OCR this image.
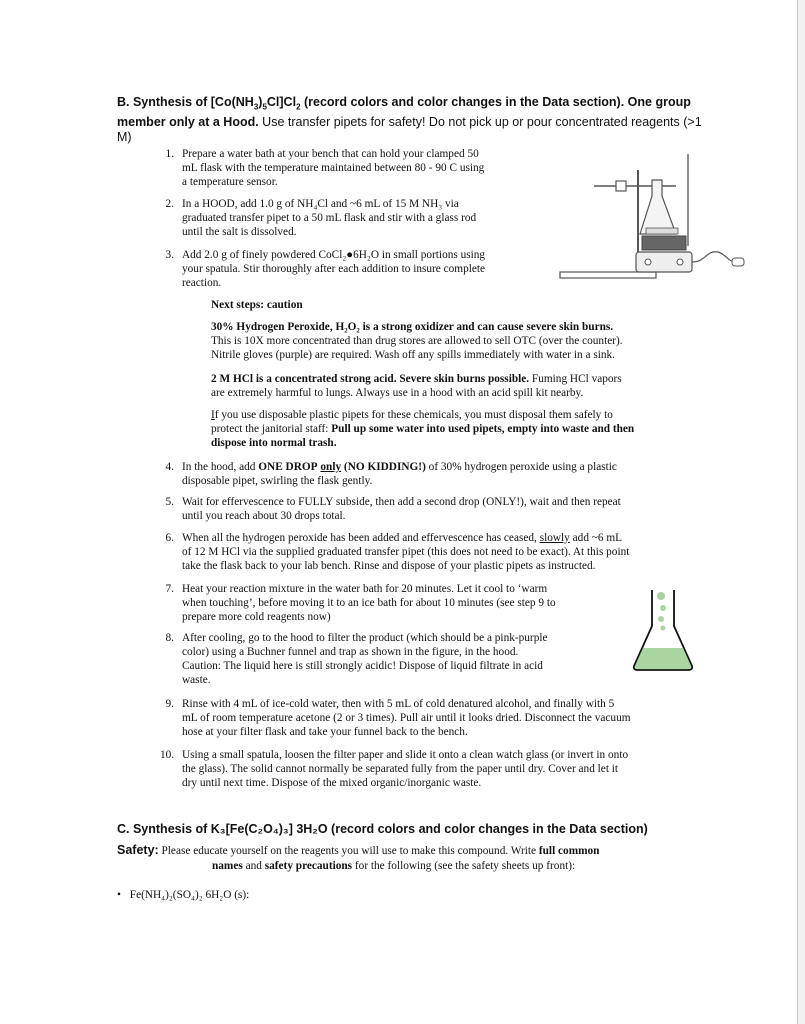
B. Synthesis of $[Co(NH_3)_5Cl]Cl_2$ (record colors and color changes in the Data section). One group member only at a Hood. Use transfer pipets for safety! Do not pick up or pour concentrated reagents (>1 M)
1. Prepare a water bath at your bench that can hold your clamped 50
mL flask with the temperature maintained between 80 - 90 C using
a temperature sensor.
2. In a HOOD, add 1.0 g of NH₄Cl and ~6 mL of 15 M NH₃ via
graduated transfer pipet to a 50 mL flask and stir with a glass rod
until the salt is dissolved.
3. Add 2.0 g of finely powdered CoCl₂●6H₂O in small portions using
your spatula. Stir thoroughly after each addition to insure complete
reaction.
Next steps: caution
30% Hydrogen Peroxide, H₂O₂ is a strong oxidizer and can cause severe skin burns.
This is 10X more concentrated than drug stores are allowed to sell OTC (over the counter).
Nitrile gloves (purple) are required. Wash off any spills immediately with water in a sink.
2 M HCl is a concentrated strong acid. Severe skin burns possible. Fuming HCl vapors
are extremely harmful to lungs. Always use in a hood with an acid spill kit nearby.
If you use disposable plastic pipets for these chemicals, you must disposal them safely to
protect the janitorial staff: Pull up some water into used pipets, empty into waste and then
dispose into normal trash.
4. In the hood, add ONE DROP only (NO KIDDING!) of 30% hydrogen peroxide using a plastic
disposable pipet, swirling the flask gently.
5. Wait for effervescence to FULLY subside, then add a second drop (ONLY!), wait and then repeat
until you reach about 30 drops total.
6. When all the hydrogen peroxide has been added and effervescence has ceased, slowly add ~6 mL
of 12 M HCl via the supplied graduated transfer pipet (this does not need to be exact). At this point
take the flask back to your lab bench. Rinse and dispose of your plastic pipets as instructed.
7. Heat your reaction mixture in the water bath for 20 minutes. Let it cool to ‘warm
when touching’, before moving it to an ice bath for about 10 minutes (see step 9 to
prepare more cold reagents now)
8. After cooling, go to the hood to filter the product (which should be a pink-purple
color) using a Buchner funnel and trap as shown in the figure, in the hood.
Caution: The liquid here is still strongly acidic! Dispose of liquid filtrate in acid
waste.
9. Rinse with 4 mL of ice-cold water, then with 5 mL of cold denatured alcohol, and finally with 5
mL of room temperature acetone (2 or 3 times). Pull air until it looks dried. Disconnect the vacuum
hose at your filter flask and take your funnel back to the bench.
10. Using a small spatula, loosen the filter paper and slide it onto a clean watch glass (or invert in onto
the glass). The solid cannot normally be separated fully from the paper until dry. Cover and let it
dry until next time. Dispose of the mixed organic/inorganic waste.
C. Synthesis of K₃[Fe(C₂O₄)₃] 3H₂O (record colors and color changes in the Data section)
Safety: Please educate yourself on the reagents you will use to make this compound. Write full common
names and safety precautions for the following (see the safety sheets up front):
• Fe(NH₄)₂(SO₄)₂ 6H₂O (s):
